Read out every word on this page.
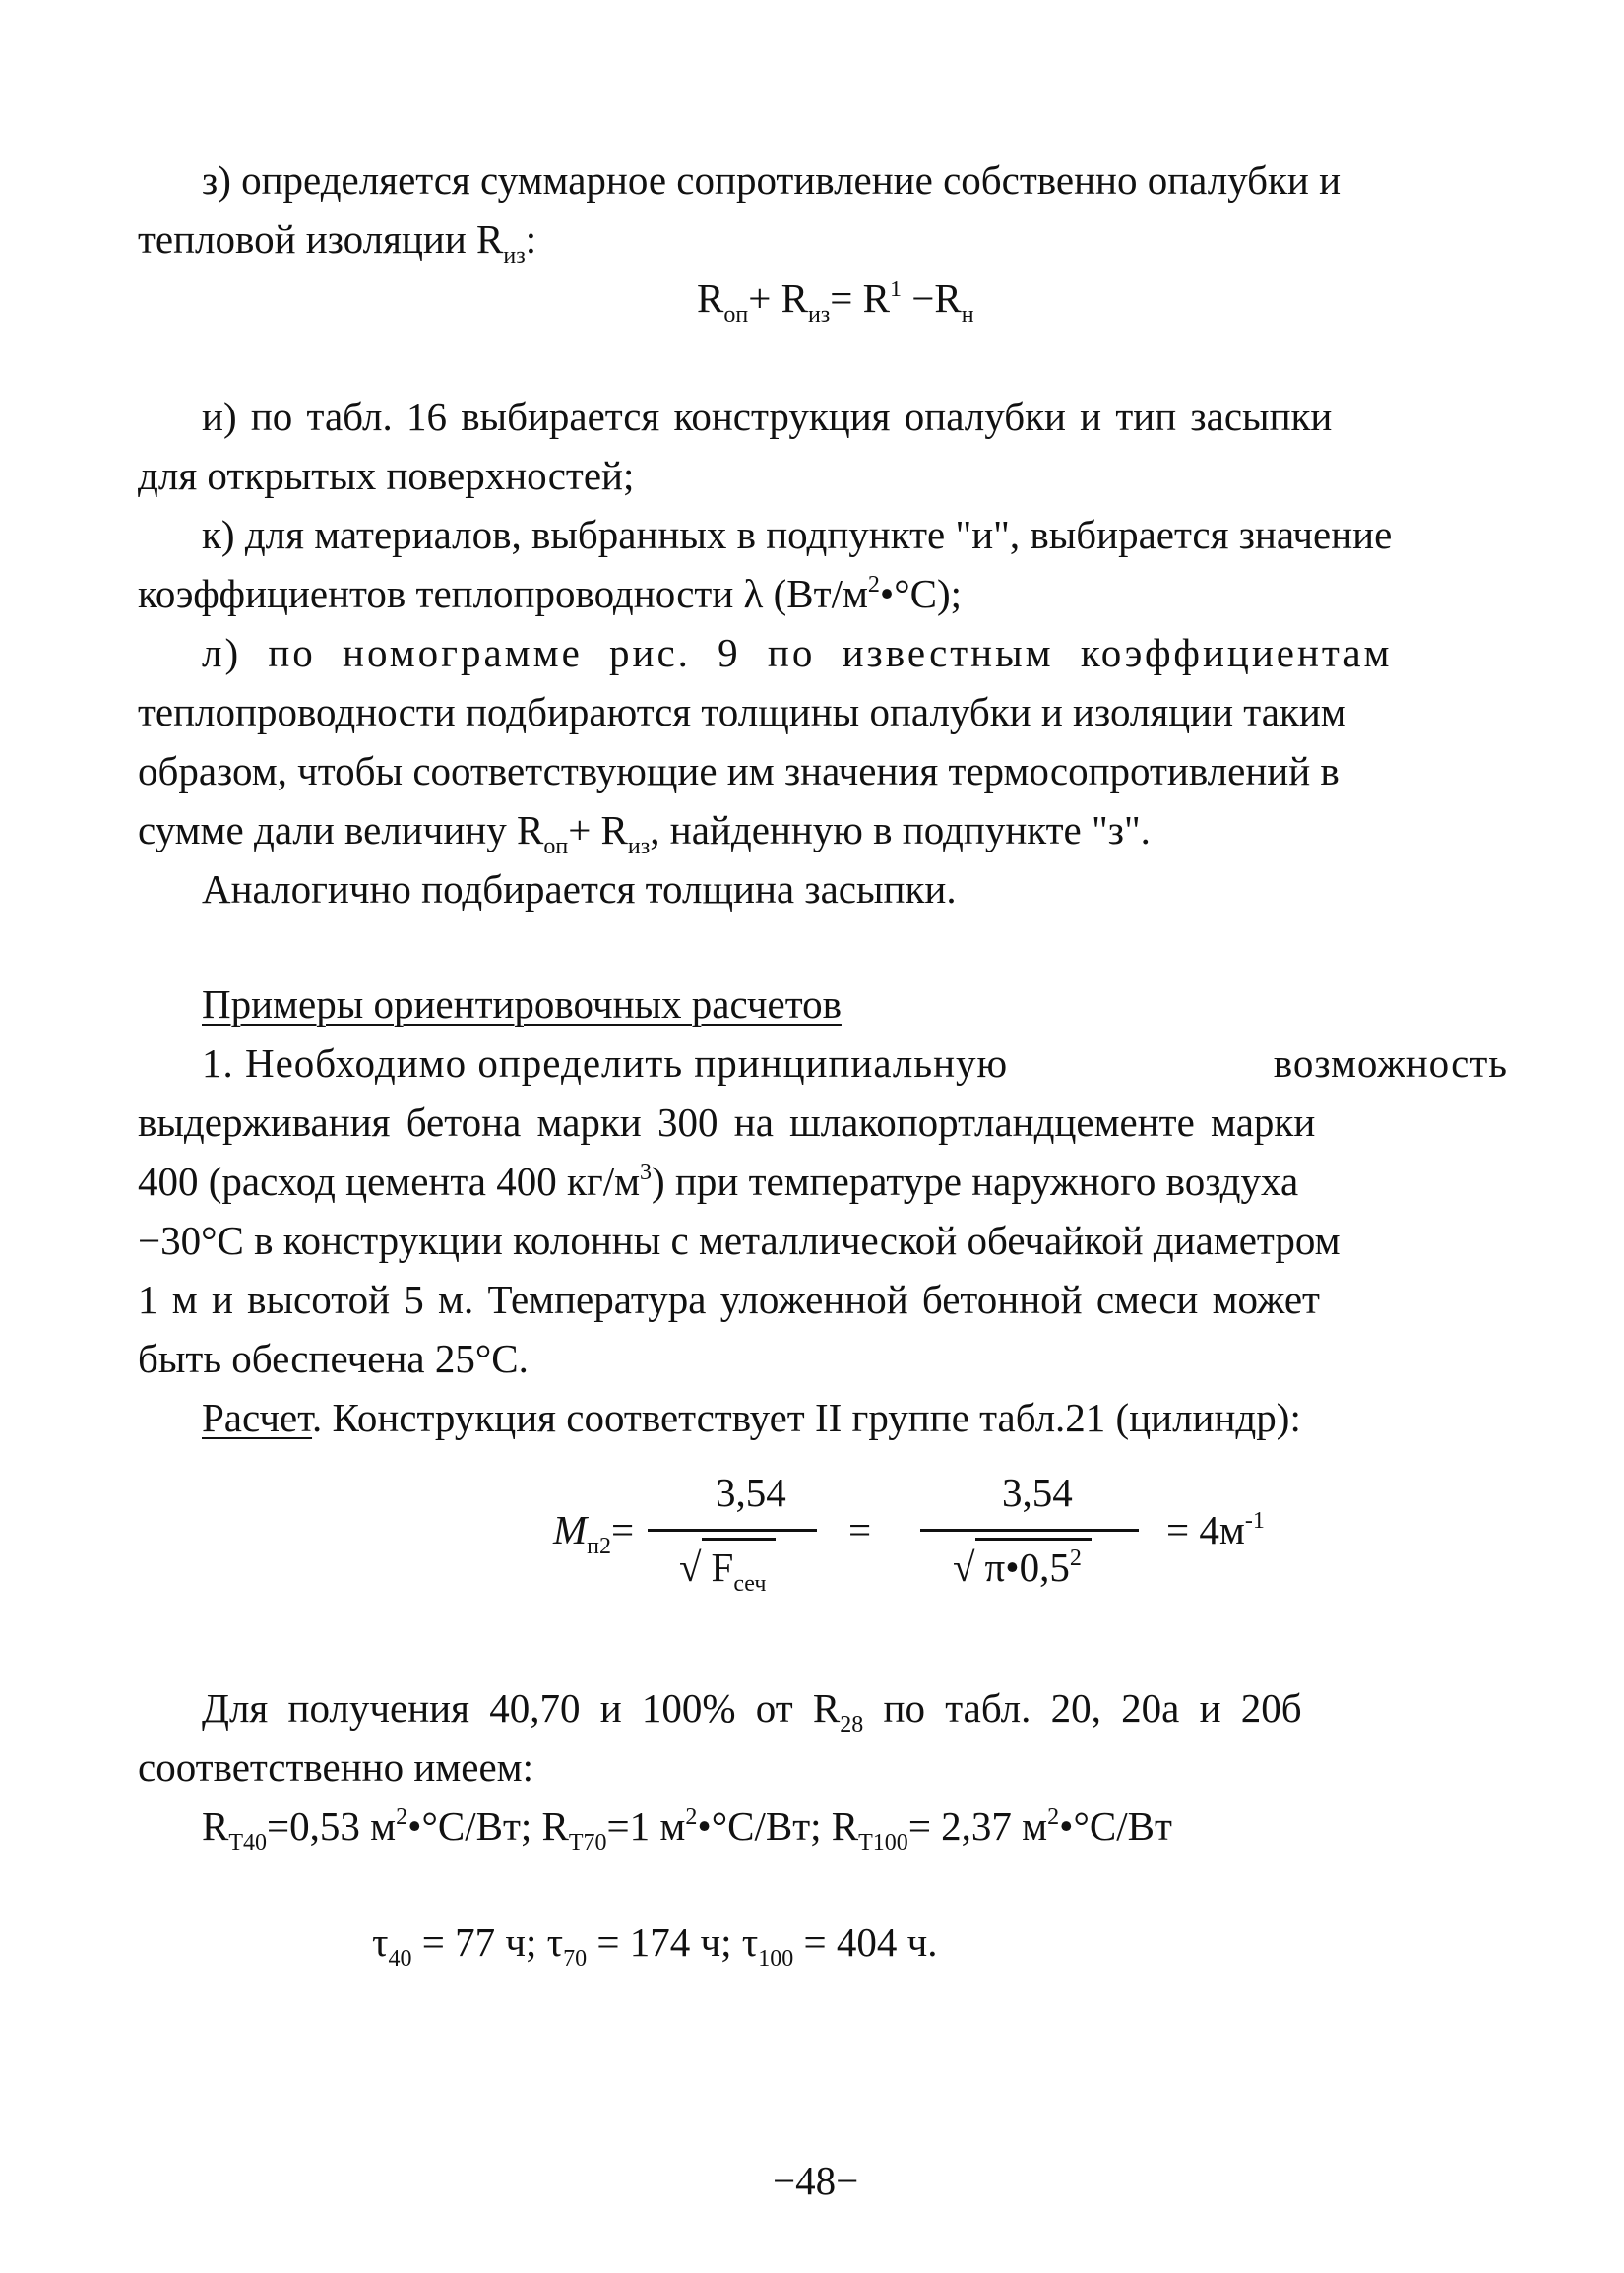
з) определяется суммарное сопротивление собственно опалубки и
тепловой изоляции $R_{из}$:
$R_{оп}+ R_{из}= R^1 -R_н$
и) по табл. 16 выбирается конструкция опалубки и тип засыпки
для открытых поверхностей;
к) для материалов, выбранных в подпункте "и", выбирается значение
коэффициентов теплопроводности λ $(Вт/м^2•^\circ С)$;
л) по номограмме рис. 9 по известным коэффициентам
теплопроводности подбираются толщины опалубки и изоляции таким
образом, чтобы соответствующие им значения термосопротивлений в
сумме дали величину $R_{оп}+ R_{из}$, найденную в подпункте "з".
Аналогично подбирается толщина засыпки.
Примеры ориентировочных расчетов
1. Необходимо определить принципиальную	возможность
выдерживания бетона марки 300 на шлакопортландцементе марки
400 (расход цемента 400 $кг/м^3$) при температуре наружного воздуха
−30°С в конструкции колонны с металлической обечайкой диаметром
1 м и высотой 5 м. Температура уложенной бетонной смеси может
быть обеспечена 25°С.
Расчет. Конструкция соответствует II группе табл.21 (цилиндр):
$M_{п2}=$
3,54
√ $F_{сеч}$
=
3,54
√ $\pi•0,5^2$
= $4м^{-1}$
Для получения 40,70 и 100% от $R_{28}$ по табл. 20, 20а и 20б
соответственно имеем:
$R_{T40}=0,53$ $м^2•^\circ С/Вт$; $R_{T70}=1$ $м^2•^\circ С/Вт$; $R_{T100}= 2,37$ $м^2•^\circ С/Вт$
$\tau_{40} = 77$ ч; $\tau_{70} = 174$ ч; $\tau_{100} = 404$ ч.
−48−
